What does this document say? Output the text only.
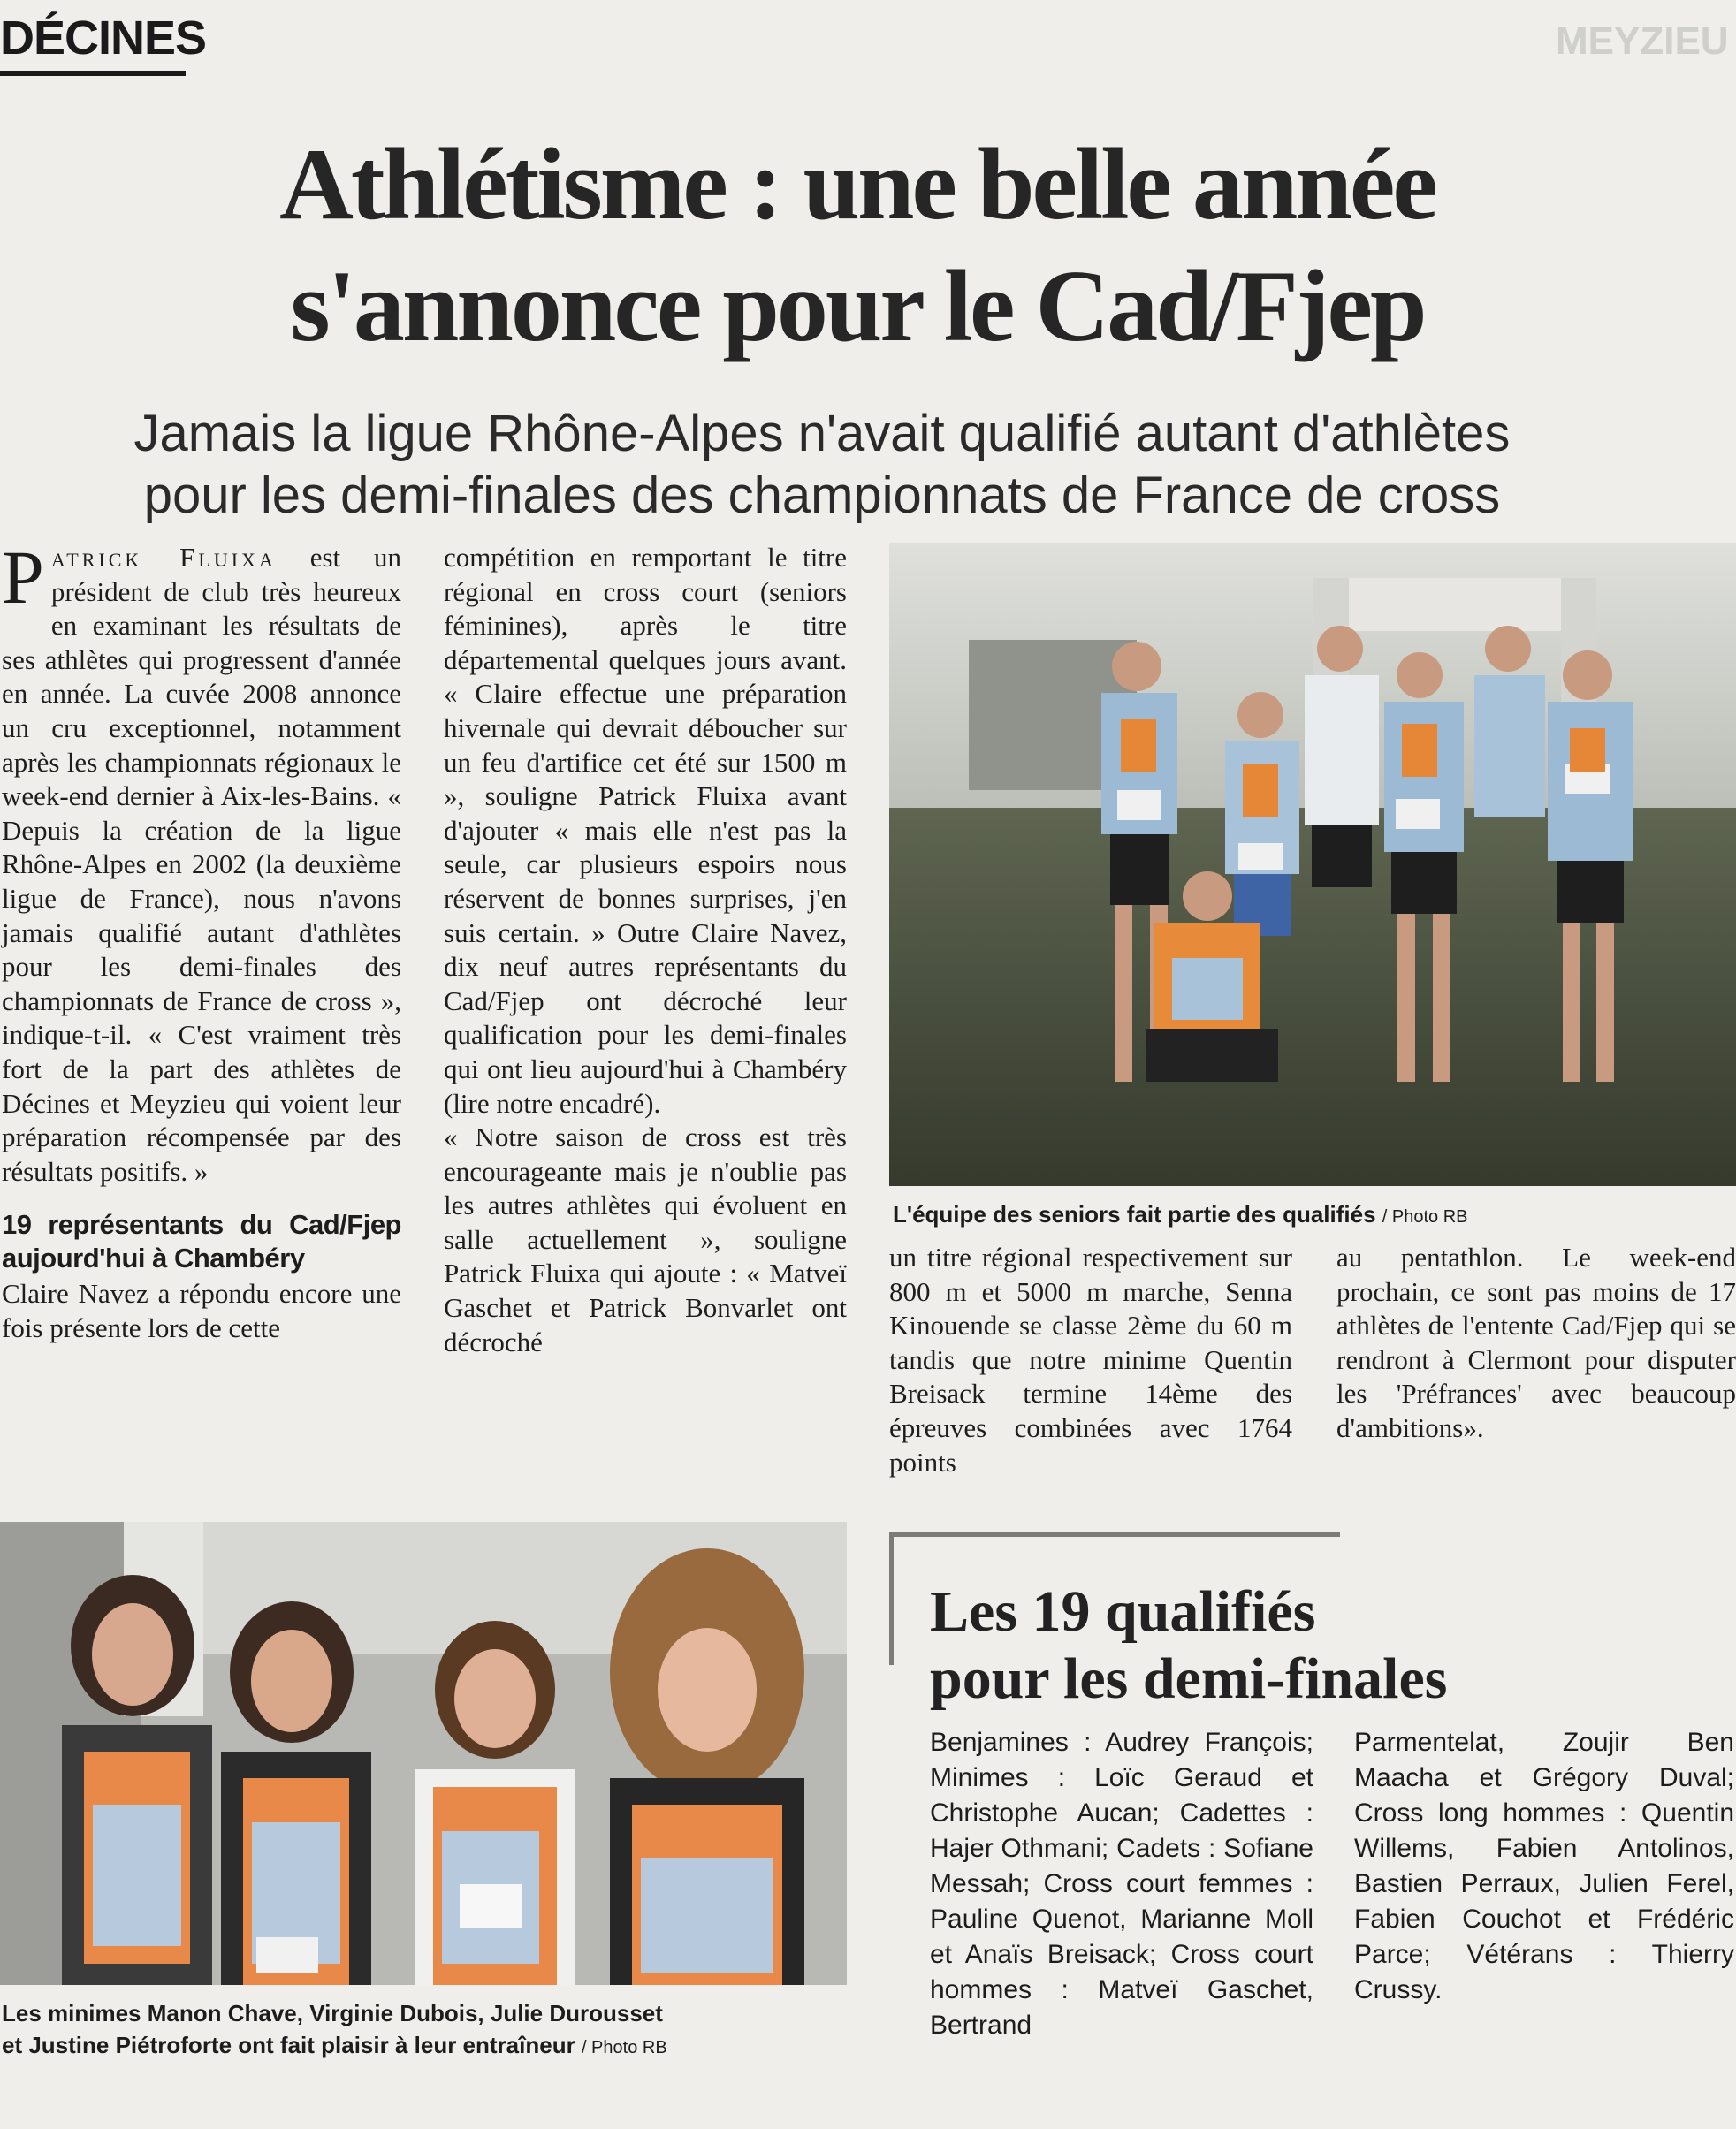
DÉCINES	MEYZIEU
Athlétisme : une belle année
s'annonce pour le Cad/Fjep
Jamais la ligue Rhône-Alpes n'avait qualifié autant d'athlètes
pour les demi-finales des championnats de France de cross
P atrick Fluixa est un président de club très heureux en examinant les résultats de ses athlètes qui progressent d'année en année. La cuvée 2008 annonce un cru exceptionnel, notamment après les championnats régionaux le week-end dernier à Aix-les-Bains. « Depuis la création de la ligue Rhône-Alpes en 2002 (la deuxième ligue de France), nous n'avons jamais qualifié autant d'athlètes pour les demi-finales des championnats de France de cross », indique-t-il. « C'est vraiment très fort de la part des athlètes de Décines et Meyzieu qui voient leur préparation récompensée par des résultats positifs. »
19 représentants du Cad/Fjep aujourd'hui à Chambéry

Claire Navez a répondu encore une fois présente lors de cette

compétition en remportant le titre régional en cross court (seniors féminines), après le titre départemental quelques jours avant. « Claire effectue une préparation hivernale qui devrait déboucher sur un feu d'artifice cet été sur 1500 m », souligne Patrick Fluixa avant d'ajouter « mais elle n'est pas la seule, car plusieurs espoirs nous réservent de bonnes surprises, j'en suis certain. » Outre Claire Navez, dix neuf autres représentants du Cad/Fjep ont décroché leur qualification pour les demi-finales qui ont lieu aujourd'hui à Chambéry (lire notre encadré).

« Notre saison de cross est très encourageante mais je n'oublie pas les autres athlètes qui évoluent en salle actuellement », souligne Patrick Fluixa qui ajoute : « Matveï Gaschet et Patrick Bonvarlet ont décroché

L'équipe des seniors fait partie des qualifiés / Photo RB

un titre régional respectivement sur 800 m et 5000 m marche, Senna Kinouende se classe 2ème du 60 m tandis que notre minime Quentin Breisack termine 14ème des épreuves combinées avec 1764 points

au pentathlon. Le week-end prochain, ce sont pas moins de 17 athlètes de l'entente Cad/Fjep qui se rendront à Clermont pour disputer les 'Préfrances' avec beaucoup d'ambitions».

Les minimes Manon Chave, Virginie Dubois, Julie Durousset
et Justine Piétroforte ont fait plaisir à leur entraîneur / Photo RB
Les 19 qualifiés
pour les demi-finales

Benjamines : Audrey François; Minimes : Loïc Geraud et Christophe Aucan; Cadettes : Hajer Othmani; Cadets : Sofiane Messah; Cross court femmes : Pauline Quenot, Marianne Moll et Anaïs Breisack; Cross court hommes : Matveï Gaschet, Bertrand

Parmentelat, Zoujir Ben Maacha et Grégory Duval; Cross long hommes : Quentin Willems, Fabien Antolinos, Bastien Perraux, Julien Ferel, Fabien Couchot et Frédéric Parce; Vétérans : Thierry Crussy.
